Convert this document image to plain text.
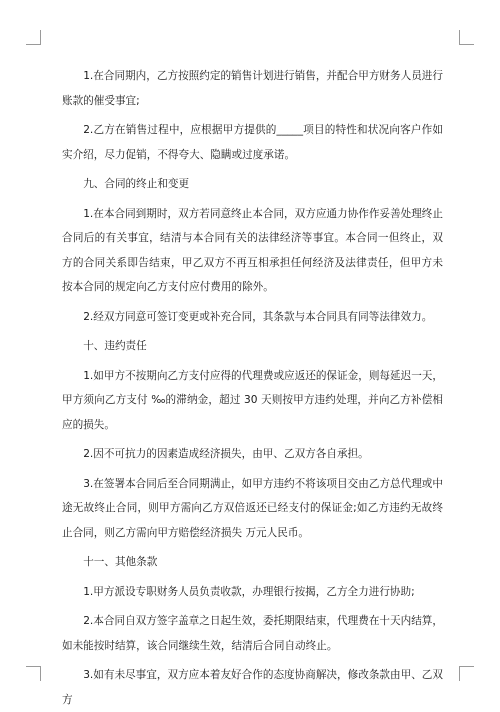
1.在合同期内，乙方按照约定的销售计划进行销售，并配合甲方财务人员进行账款的催受事宜;

2.乙方在销售过程中，应根据甲方提供的_____项目的特性和状况向客户作如实介绍，尽力促销，不得夸大、隐瞒或过度承诺。

九、合同的终止和变更

1.在本合同到期时，双方若同意终止本合同，双方应通力协作作妥善处理终止合同后的有关事宜，结清与本合同有关的法律经济等事宜。本合同一但终止，双方的合同关系即告结束，甲乙双方不再互相承担任何经济及法律责任，但甲方未按本合同的规定向乙方支付应付费用的除外。

2.经双方同意可签订变更或补充合同，其条款与本合同具有同等法律效力。

十、违约责任

1.如甲方不按期向乙方支付应得的代理费或应返还的保证金，则每延迟一天，甲方须向乙方支付 ‰的滞纳金，超过 30 天则按甲方违约处理，并向乙方补偿相应的损失。

2.因不可抗力的因素造成经济损失，由甲、乙双方各自承担。

3.在签署本合同后至合同期满止，如甲方违约不将该项目交由乙方总代理或中途无故终止合同，则甲方需向乙方双倍返还已经支付的保证金;如乙方违约无故终止合同，则乙方需向甲方赔偿经济损失 万元人民币。

十一、其他条款

1.甲方派设专职财务人员负责收款，办理银行按揭，乙方全力进行协助;

2.本合同自双方签字盖章之日起生效，委托期限结束，代理费在十天内结算，如未能按时结算，该合同继续生效，结清后合同自动终止。

3.如有未尽事宜，双方应本着友好合作的态度协商解决，修改条款由甲、乙双方
